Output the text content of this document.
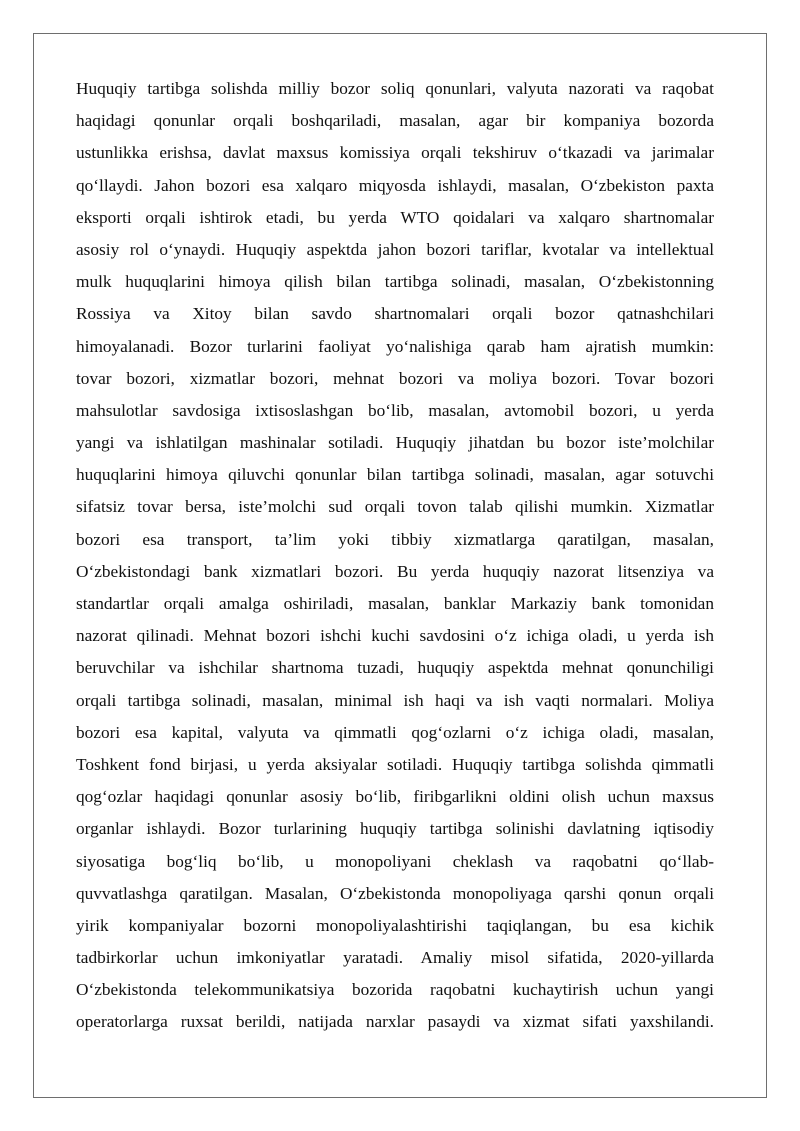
Huquqiy tartibga solishda milliy bozor soliq qonunlari, valyuta nazorati va raqobat
haqidagi qonunlar orqali boshqariladi, masalan, agar bir kompaniya bozorda
ustunlikka erishsa, davlat maxsus komissiya orqali tekshiruv oʻtkazadi va jarimalar
qoʻllaydi. Jahon bozori esa xalqaro miqyosda ishlaydi, masalan, Oʻzbekiston paxta
eksporti orqali ishtirok etadi, bu yerda WTO qoidalari va xalqaro shartnomalar
asosiy rol oʻynaydi. Huquqiy aspektda jahon bozori tariflar, kvotalar va intellektual
mulk huquqlarini himoya qilish bilan tartibga solinadi, masalan, Oʻzbekistonning
Rossiya va Xitoy bilan savdo shartnomalari orqali bozor qatnashchilari
himoyalanadi. Bozor turlarini faoliyat yoʻnalishiga qarab ham ajratish mumkin:
tovar bozori, xizmatlar bozori, mehnat bozori va moliya bozori. Tovar bozori
mahsulotlar savdosiga ixtisoslashgan boʻlib, masalan, avtomobil bozori, u yerda
yangi va ishlatilgan mashinalar sotiladi. Huquqiy jihatdan bu bozor iste’molchilar
huquqlarini himoya qiluvchi qonunlar bilan tartibga solinadi, masalan, agar sotuvchi
sifatsiz tovar bersa, iste’molchi sud orqali tovon talab qilishi mumkin. Xizmatlar
bozori esa transport, ta’lim yoki tibbiy xizmatlarga qaratilgan, masalan,
Oʻzbekistondagi bank xizmatlari bozori. Bu yerda huquqiy nazorat litsenziya va
standartlar orqali amalga oshiriladi, masalan, banklar Markaziy bank tomonidan
nazorat qilinadi. Mehnat bozori ishchi kuchi savdosini oʻz ichiga oladi, u yerda ish
beruvchilar va ishchilar shartnoma tuzadi, huquqiy aspektda mehnat qonunchiligi
orqali tartibga solinadi, masalan, minimal ish haqi va ish vaqti normalari. Moliya
bozori esa kapital, valyuta va qimmatli qogʻozlarni oʻz ichiga oladi, masalan,
Toshkent fond birjasi, u yerda aksiyalar sotiladi. Huquqiy tartibga solishda qimmatli
qogʻozlar haqidagi qonunlar asosiy boʻlib, firibgarlikni oldini olish uchun maxsus
organlar ishlaydi. Bozor turlarining huquqiy tartibga solinishi davlatning iqtisodiy
siyosatiga bogʻliq boʻlib, u monopoliyani cheklash va raqobatni qoʻllab-
quvvatlashga qaratilgan. Masalan, Oʻzbekistonda monopoliyaga qarshi qonun orqali
yirik kompaniyalar bozorni monopoliyalashtirishi taqiqlangan, bu esa kichik
tadbirkorlar uchun imkoniyatlar yaratadi. Amaliy misol sifatida, 2020-yillarda
Oʻzbekistonda telekommunikatsiya bozorida raqobatni kuchaytirish uchun yangi
operatorlarga ruxsat berildi, natijada narxlar pasaydi va xizmat sifati yaxshilandi.
